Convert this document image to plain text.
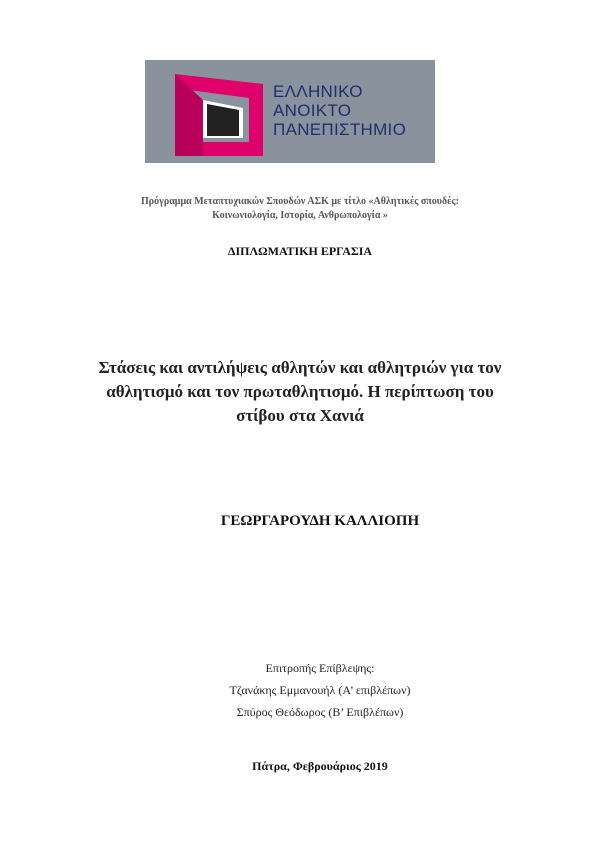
ΕΛΛΗΝΙΚΟ
ΑΝΟΙΚΤΟ
ΠΑΝΕΠΙΣΤΗΜΙΟ
Πρόγραμμα Μεταπτυχιακών Σπουδών ΑΣΚ με τίτλο «Αθλητικές σπουδές:
Κοινωνιολογία, Ιστορία, Ανθρωπολογία »
ΔΙΠΛΩΜΑΤΙΚΗ ΕΡΓΑΣΙΑ
Στάσεις και αντιλήψεις αθλητών και αθλητριών για τον
αθλητισμό και τον πρωταθλητισμό. Η περίπτωση του
στίβου στα Χανιά
ΓΕΩΡΓΑΡΟΥΔΗ ΚΑΛΛΙΟΠΗ
Επιτροπής Επίβλεψης:
Τζανάκης Εμμανουήλ (Α’ επιβλέπων)
Σπύρος Θεόδωρος (Β’ Επιβλέπων)
Πάτρα, Φεβρουάριος 2019
